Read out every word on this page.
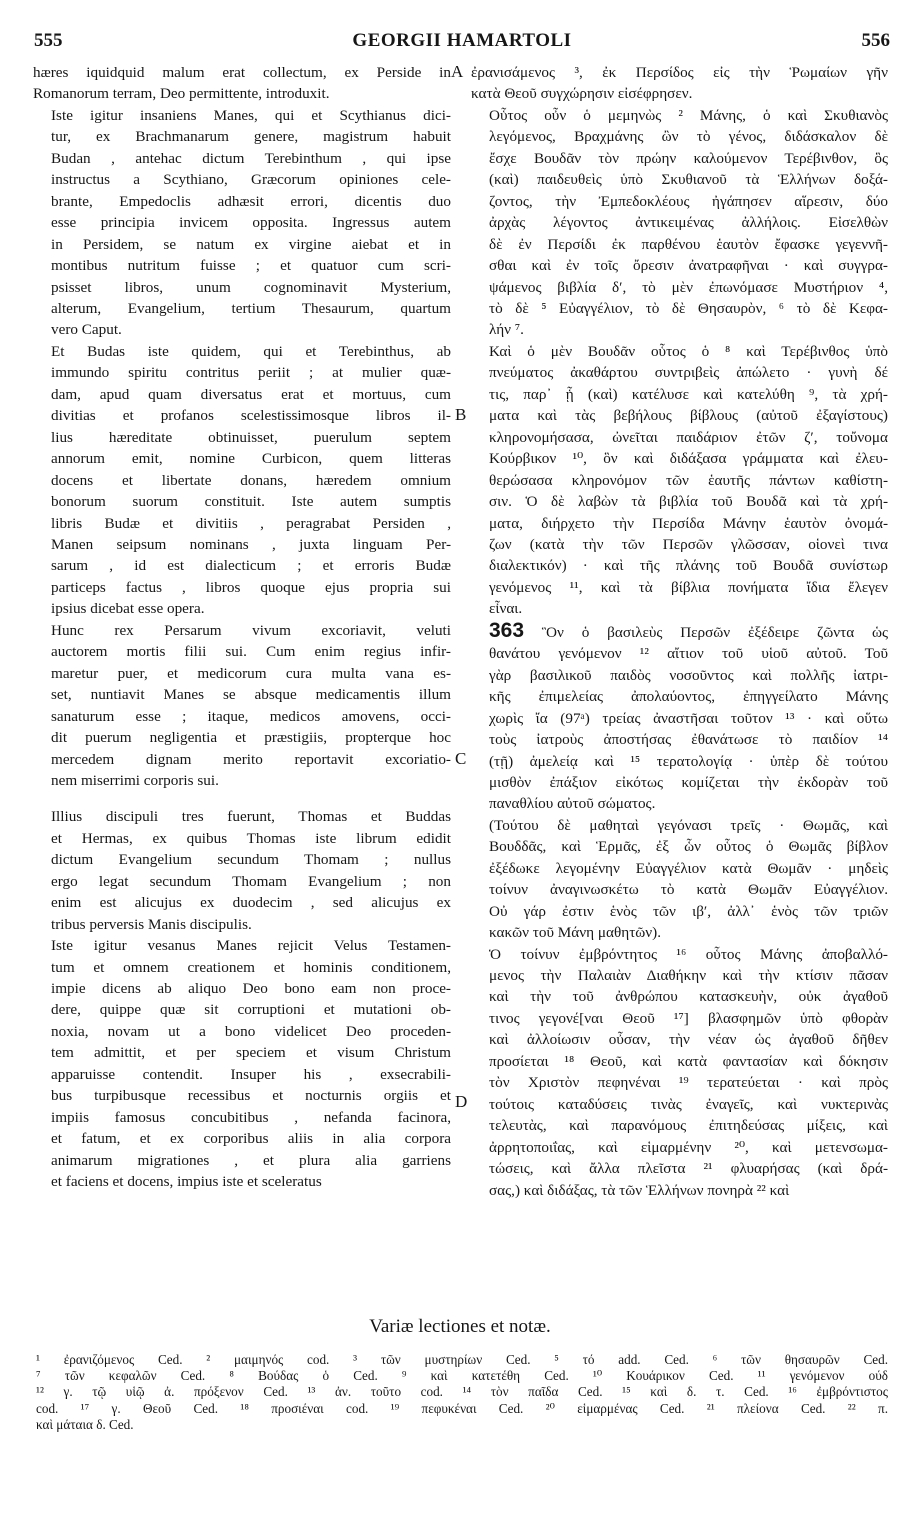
555	GEORGII HAMARTOLI	556

hæres iquidquid malum erat collectum, ex Perside in
Romanorum terram, Deo permittente, introduxit.

Iste igitur insaniens Manes, qui et Scythianus dici-
tur, ex Brachmanarum genere, magistrum habuit
Budan , antehac dictum Terebinthum , qui ipse
instructus a Scythiano, Græcorum opiniones cele-
brante, Empedoclis adhæsit errori, dicentis duo
esse principia invicem opposita. Ingressus autem
in Persidem, se natum ex virgine aiebat et in
montibus nutritum fuisse ; et quatuor cum scri-
psisset libros, unum cognominavit Mysterium,
alterum, Evangelium, tertium Thesaurum, quartum
vero Caput.

Et Budas iste quidem, qui et Terebinthus, ab
immundo spiritu contritus periit ; at mulier quæ-
dam, apud quam diversatus erat et mortuus, cum
divitias et profanos scelestissimosque libros il-
lius hæreditate obtinuisset, puerulum septem
annorum emit, nomine Curbicon, quem litteras
docens et libertate donans, hæredem omnium
bonorum suorum constituit. Iste autem sumptis
libris Budæ et divitiis , peragrabat Persiden ,
Manen seipsum nominans , juxta linguam Per-
sarum , id est dialecticum ; et erroris Budæ
particeps factus , libros quoque ejus propria sui
ipsius dicebat esse opera.

Hunc rex Persarum vivum excoriavit, veluti
auctorem mortis filii sui. Cum enim regius infir-
maretur puer, et medicorum cura multa vana es-
set, nuntiavit Manes se absque medicamentis illum
sanaturum esse ; itaque, medicos amovens, occi-
dit puerum negligentia et præstigiis, propterque hoc
mercedem dignam merito reportavit excoriatio-
nem miserrimi corporis sui.

Illius discipuli tres fuerunt, Thomas et Buddas
et Hermas, ex quibus Thomas iste librum edidit
dictum Evangelium secundum Thomam ; nullus
ergo legat secundum Thomam Evangelium ; non
enim est alicujus ex duodecim , sed alicujus ex
tribus perversis Manis discipulis.

Iste igitur vesanus Manes rejicit Velus Testamen-
tum et omnem creationem et hominis conditionem,
impie dicens ab aliquo Deo bono eam non proce-
dere, quippe quæ sit corruptioni et mutationi ob-
noxia, novam ut a bono videlicet Deo proceden-
tem admittit, et per speciem et visum Christum
apparuisse contendit. Insuper his , exsecrabili-
bus turpibusque recessibus et nocturnis orgiis et
impiis famosus concubitibus , nefanda facinora,
et fatum, et ex corporibus aliis in alia corpora
animarum migrationes , et plura alia garriens
et faciens et docens, impius iste et sceleratus

ἐρανισάμενος ³, ἐκ Περσίδος εἰς τὴν Ῥωμαίων γῆν
κατὰ Θεοῦ συγχώρησιν εἰσέφρησεν.

Οὗτος οὖν ὁ μεμηνὼς ² Μάνης, ὁ καὶ Σκυθιανὸς
λεγόμενος, Βραχμάνης ὢν τὸ γένος, διδάσκαλον δὲ
ἔσχε Βουδᾶν τὸν πρώην καλούμενον Τερέβινθον, ὃς
(καὶ) παιδευθεὶς ὑπὸ Σκυθιανοῦ τὰ Ἑλλήνων δοξά-
ζοντος, τὴν Ἐμπεδοκλέους ἠγάπησεν αἵρεσιν, δύο
ἀρχὰς λέγοντος ἀντικειμένας ἀλλήλοις. Εἰσελθὼν
δὲ ἐν Περσίδι ἐκ παρθένου ἑαυτὸν ἔφασκε γεγεννῆ-
σθαι καὶ ἐν τοῖς ὄρεσιν ἀνατραφῆναι · καὶ συγγρα-
ψάμενος βιβλία δʹ, τὸ μὲν ἐπωνόμασε Μυστήριον ⁴,
τὸ δὲ ⁵ Εὐαγγέλιον, τὸ δὲ Θησαυρὸν, ⁶ τὸ δὲ Κεφα-
λήν ⁷.

Καὶ ὁ μὲν Βουδᾶν οὗτος ὁ ⁸ καὶ Τερέβινθος ὑπὸ
πνεύματος ἀκαθάρτου συντριβεὶς ἀπώλετο · γυνὴ δέ
τις, παρ᾽ ᾗ (καὶ) κατέλυσε καὶ κατελύθη ⁹, τὰ χρή-
ματα καὶ τὰς βεβήλους βίβλους (αὐτοῦ ἐξαγίστους)
κληρονομήσασα, ὠνεῖται παιδάριον ἐτῶν ζʹ, τοὔνομα
Κούρβικον ¹⁰, ὃν καὶ διδάξασα γράμματα καὶ ἐλευ-
θερώσασα κληρονόμον τῶν ἑαυτῆς πάντων καθίστη-
σιν. Ὁ δὲ λαβὼν τὰ βιβλία τοῦ Βουδᾶ καὶ τὰ χρή-
ματα, διήρχετο τὴν Περσίδα Μάνην ἑαυτὸν ὀνομά-
ζων (κατὰ τὴν τῶν Περσῶν γλῶσσαν, οἱονεὶ τινα
διαλεκτικόν) · καὶ τῆς πλάνης τοῦ Βουδᾶ συνίστωρ
γενόμενος ¹¹, καὶ τὰ βίβλια πονήματα ἴδια ἔλεγεν
εἶναι.

363 Ὃν ὁ βασιλεὺς Περσῶν ἐξέδειρε ζῶντα ὡς
θανάτου γενόμενον ¹² αἴτιον τοῦ υἱοῦ αὐτοῦ. Τοῦ
γὰρ βασιλικοῦ παιδὸς νοσοῦντος καὶ πολλῆς ἰατρι-
κῆς ἐπιμελείας ἀπολαύοντος, ἐπηγγείλατο Μάνης
χωρὶς ἴα (97ᵃ) τρείας ἀναστῆσαι τοῦτον ¹³ · καὶ οὕτω
τοὺς ἰατροὺς ἀποστήσας ἐθανάτωσε τὸ παιδίον ¹⁴
(τῇ) ἀμελείᾳ καὶ ¹⁵ τερατολογίᾳ · ὑπὲρ δὲ τούτου
μισθὸν ἐπάξιον εἰκότως κομίζεται τὴν ἐκδορὰν τοῦ
παναθλίου αὐτοῦ σώματος.

(Τούτου δὲ μαθηταὶ γεγόνασι τρεῖς · Θωμᾶς, καὶ
Βουδδᾶς, καὶ Ἑρμᾶς, ἐξ ὧν οὗτος ὁ Θωμᾶς βίβλον
ἐξέδωκε λεγομένην Εὐαγγέλιον κατὰ Θωμᾶν · μηδεὶς
τοίνυν ἀναγινωσκέτω τὸ κατὰ Θωμᾶν Εὐαγγέλιον.
Οὐ γάρ ἐστιν ἑνὸς τῶν ιβʹ, ἀλλ᾽ ἑνὸς τῶν τριῶν
κακῶν τοῦ Μάνη μαθητῶν).

Ὁ τοίνυν ἐμβρόντητος ¹⁶ οὗτος Μάνης ἀποβαλλό-
μενος τὴν Παλαιὰν Διαθήκην καὶ τὴν κτίσιν πᾶσαν
καὶ τὴν τοῦ ἀνθρώπου κατασκευὴν, οὐκ ἀγαθοῦ
τινος γεγονέ[ναι Θεοῦ ¹⁷] βλασφημῶν ὑπὸ φθορὰν
καὶ ἀλλοίωσιν οὖσαν, τὴν νέαν ὡς ἀγαθοῦ δῆθεν
προσίεται ¹⁸ Θεοῦ, καὶ κατὰ φαντασίαν καὶ δόκησιν
τὸν Χριστὸν πεφηνέναι ¹⁹ τερατεύεται · καὶ πρὸς
τούτοις καταδύσεις τινὰς ἐναγεῖς, καὶ νυκτερινὰς
τελευτὰς, καὶ παρανόμους ἐπιτηδεύσας μίξεις, καὶ
ἀρρητοποιΐας, καὶ εἱμαρμένην ²⁰, καὶ μετενσωμα-
τώσεις, καὶ ἄλλα πλεῖστα ²¹ φλυαρήσας (καὶ δρά-
σας,) καὶ διδάξας, τὰ τῶν Ἑλλήνων πονηρὰ ²² καὶ

A
B
C
D
Variæ lectiones et notæ.
¹ ἐρανιζόμενος Ced. ² μαιμηνός cod. ³ τῶν μυστηρίων Ced. ⁵ τό add. Ced. ⁶ τῶν θησαυρῶν Ced.
⁷ τῶν κεφαλῶν Ced. ⁸ Βούδας ὁ Ced. ⁹ καὶ κατετέθη Ced. ¹⁰ Κουάρικον Ced. ¹¹ γενόμενον ούδ
¹² γ. τῷ υἱῷ ἀ. πρόξενον Ced. ¹³ ἀν. τοῦτο cod. ¹⁴ τὸν παῖδα Ced. ¹⁵ καὶ δ. τ. Ced. ¹⁶ ἐμβρόντιστος
cod. ¹⁷ γ. Θεοῦ Ced. ¹⁸ προσιέναι cod. ¹⁹ πεφυκέναι Ced. ²⁰ εἱμαρμένας Ced. ²¹ πλείονα Ced. ²² π.
καὶ μάταια δ. Ced.
